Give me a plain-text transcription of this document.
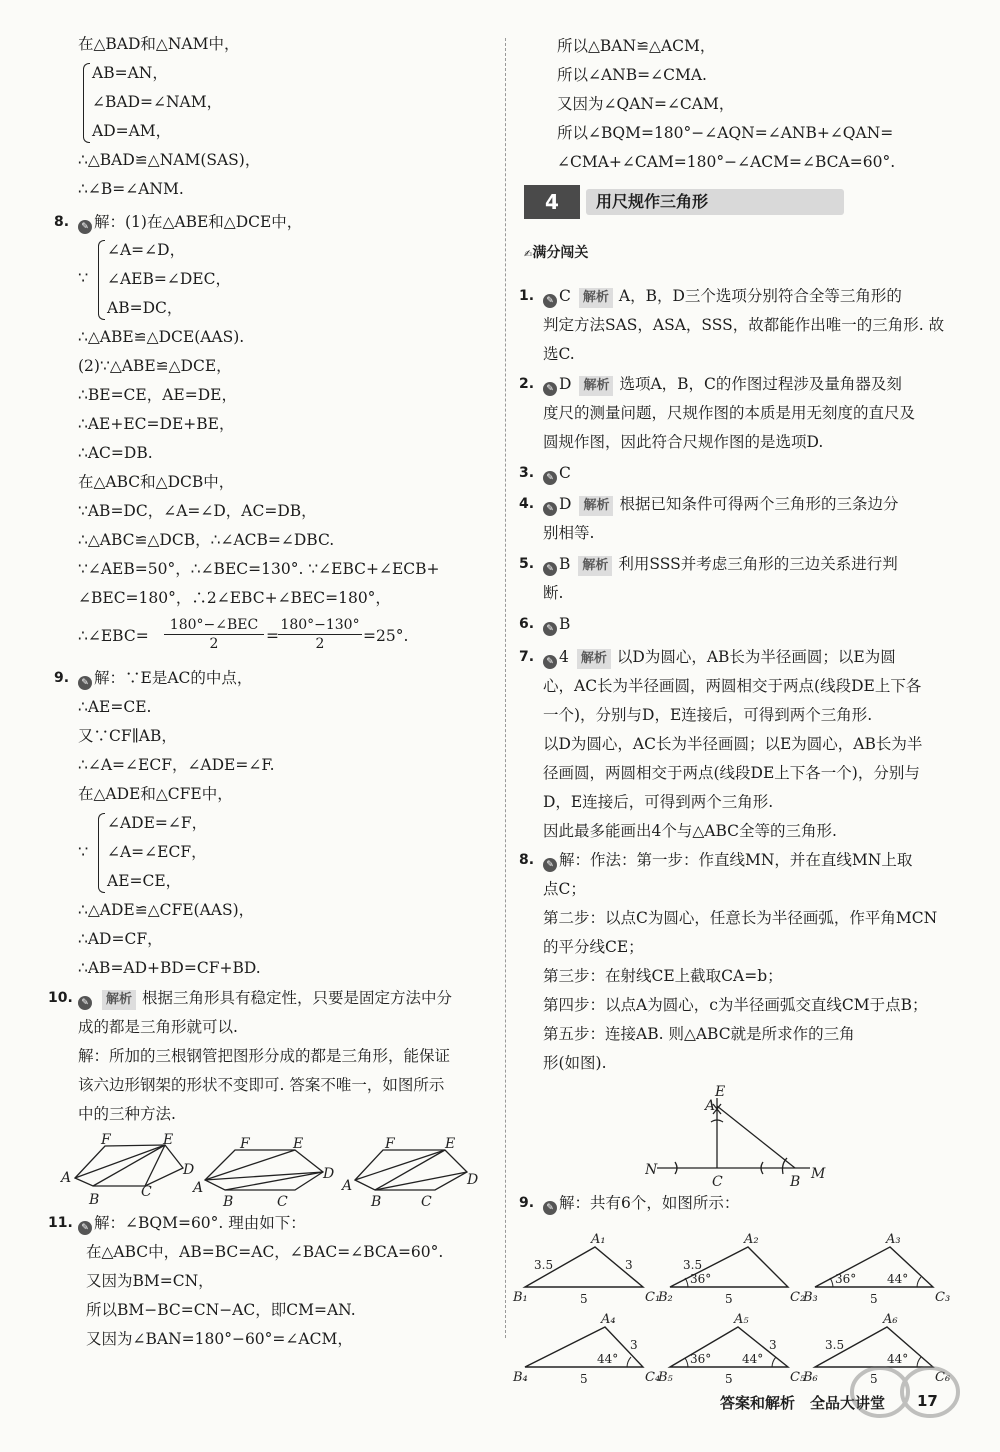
在△BAD和△NAM中，
AB=AN，
∠BAD=∠NAM，
AD=AM，
∴△BAD≌△NAM(SAS)，
∴∠B=∠ANM.
8.	✎ 解：(1)在△ABE和△DCE中，
∵
∠A=∠D，
∠AEB=∠DEC，
AB=DC，
∴△ABE≌△DCE(AAS).
(2)∵△ABE≌△DCE，
∴BE=CE，AE=DE，
∴AE+EC=DE+BE，
∴AC=DB.
在△ABC和△DCB中，
∵AB=DC，∠A=∠D，AC=DB，
∴△ABC≌△DCB，∴∠ACB=∠DBC.
∵∠AEB=50°，∴∠BEC=130°. ∵∠EBC+∠ECB+
∠BEC=180°，∴2∠EBC+∠BEC=180°，
∴∠EBC=
180°−∠BEC
2	= $\frac{180^\circ-130^\circ}{2} =25^\circ$.
9.	✎ 解：∵E是AC的中点，
∴AE=CE.
又∵CF∥AB，
∴∠A=∠ECF，∠ADE=∠F.
在△ADE和△CFE中，
∵
∠ADE=∠F，
∠A=∠ECF，
AE=CE，
∴△ADE≌△CFE(AAS)，
∴AD=CF，
∴AB=AD+BD=CF+BD.
10. ✎ 解析 根据三角形具有稳定性，只要是固定方法中分
成的都是三角形就可以.
解：所加的三根钢管把图形分成的都是三角形，能保证
该六边形钢架的形状不变即可. 答案不唯一，如图所示
中的三种方法.
F	E
A	D
B	C
F	E
A
D
B	C
F	E
A	D
B	C
11. ✎ 解：∠BQM=60°. 理由如下：
在△ABC中，AB=BC=AC，∠BAC=∠BCA=60°.
又因为BM=CN，
所以BM−BC=CN−AC，即CM=AN.
又因为∠BAN=180°−60°=∠ACM，
所以△BAN≌△ACM，
所以∠ANB=∠CMA.
又因为∠QAN=∠CAM，
所以∠BQM=180°−∠AQN=∠ANB+∠QAN=
∠CMA+∠CAM=180°−∠ACM=∠BCA=60°.
4	用尺规作三角形
✍满分闯关
1.	✎ C 解析 A，B，D三个选项分别符合全等三角形的
判定方法SAS，ASA，SSS，故都能作出唯一的三角形. 故
选C.
2.	✎ D 解析 选项A，B，C的作图过程涉及量角器及刻
度尺的测量问题，尺规作图的本质是用无刻度的直尺及
圆规作图，因此符合尺规作图的是选项D.
3.	✎ C
4.	✎ D 解析 根据已知条件可得两个三角形的三条边分
别相等.
5.	✎ B 解析 利用SSS并考虑三角形的三边关系进行判
断.
6.	✎ B
7.	✎ 4 解析 以D为圆心，AB长为半径画圆；以E为圆
心，AC长为半径画圆，两圆相交于两点(线段DE上下各
一个)，分别与D，E连接后，可得到两个三角形.
以D为圆心，AC长为半径画圆；以E为圆心，AB长为半
径画圆，两圆相交于两点(线段DE上下各一个)，分别与
D，E连接后，可得到两个三角形.
因此最多能画出4个与△ABC全等的三角形.
8.	✎ 解：作法：第一步：作直线MN，并在直线MN上取
点C；
第二步：以点C为圆心，任意长为半径画弧，作平角MCN
的平分线CE；
第三步：在射线CE上截取CA=b；
第四步：以点A为圆心，c为半径画弧交直线CM于点B；
第五步：连接AB. 则△ABC就是所求作的三角
形(如图).
E
A
N
C	B M
9.	✎ 解：共有6个，如图所示：
A₁
B₁	C₁
5
3.5	3
A₂
B₂	C₂
5
3.5
36°
A₃
B₃	C₃
5
36°	44°
A₄
B₄	C₄
5
3
44°
A₅
B₅	C₅
5
3
36°	44°
A₆
B₆	C₆
5
3.5
44°
答案和解析　全品大讲堂 17
